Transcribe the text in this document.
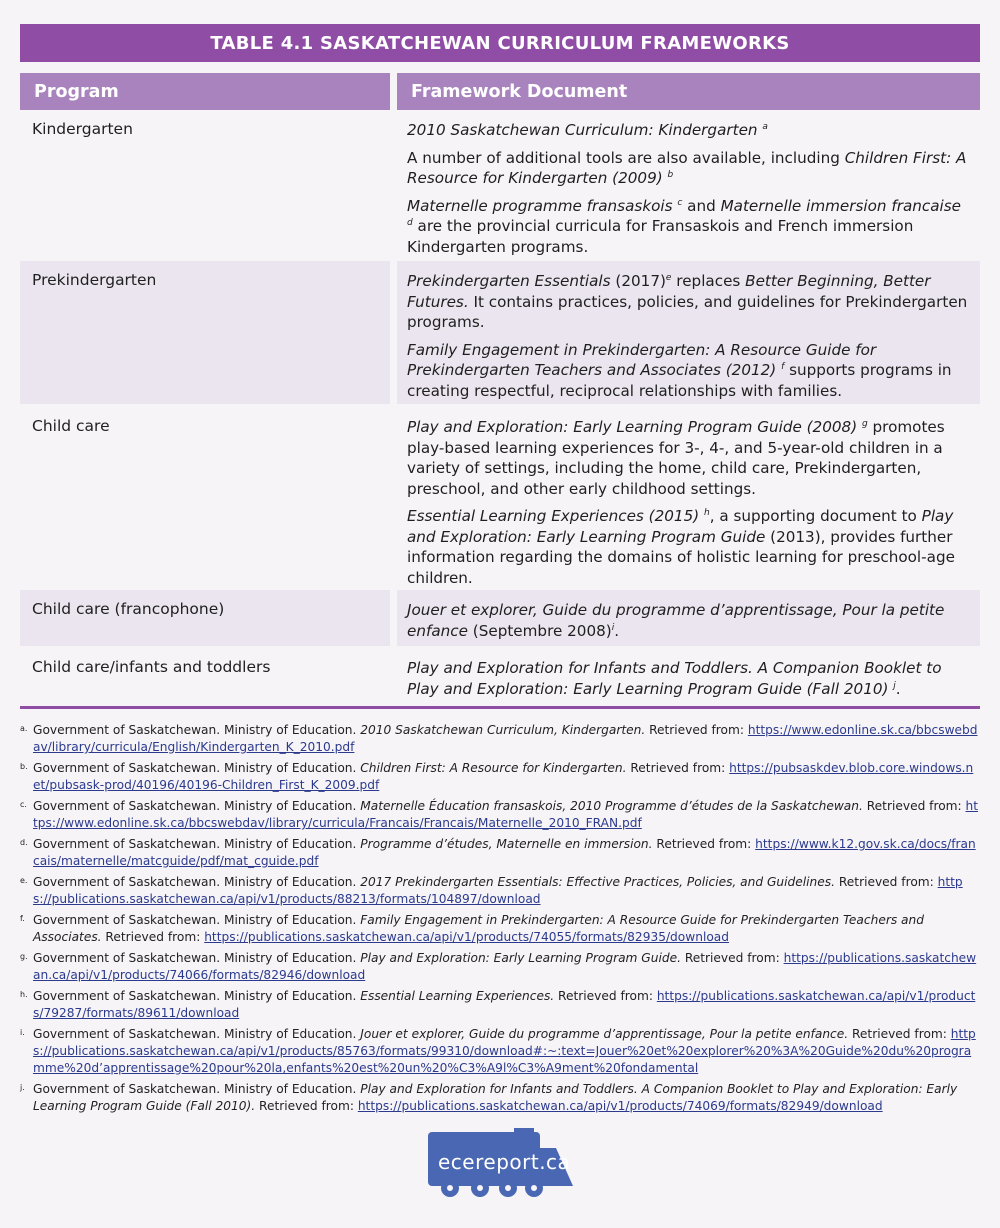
TABLE 4.1 SASKATCHEWAN CURRICULUM FRAMEWORKS
Program	Framework Document
Kindergarten	2010 Saskatchewan Curriculum: Kindergarten $^a$

A number of additional tools are also available, including Children First: A Resource for Kindergarten (2009) $^b$

Maternelle programme fransaskois $^c$ and Maternelle immersion francaise $^d$ are the provincial curricula for Fransaskois and French immersion Kindergarten programs.

Prekindergarten	Prekindergarten Essentials $(2017)^e$ replaces Better Beginning, Better Futures. It contains practices, policies, and guidelines for Prekindergarten programs.

Family Engagement in Prekindergarten: A Resource Guide for Prekindergarten Teachers and Associates (2012) $^f$ supports programs in creating respectful, reciprocal relationships with families.

Child care	Play and Exploration: Early Learning Program Guide (2008) $^g$ promotes play-based learning experiences for 3-, 4-, and 5-year-old children in a variety of settings, including the home, child care, Prekindergarten, preschool, and other early childhood settings.

Essential Learning Experiences (2015) $^h$, a supporting document to Play and Exploration: Early Learning Program Guide (2013), provides further information regarding the domains of holistic learning for preschool-age children.

Child care (francophone)	Jouer et explorer, Guide du programme d’apprentissage, Pour la petite enfance (Septembre 2008)$^i$.

Child care/infants and toddlers	Play and Exploration for Infants and Toddlers. A Companion Booklet to Play and Exploration: Early Learning Program Guide (Fall 2010) $^j$.

a. Government of Saskatchewan. Ministry of Education. 2010 Saskatchewan Curriculum, Kindergarten. Retrieved from: https://www.edonline.sk.ca/bbcswebdav/library/curricula/English/Kindergarten_K_2010.pdf
b. Government of Saskatchewan. Ministry of Education. Children First: A Resource for Kindergarten. Retrieved from: https://pubsaskdev.blob.core.windows.net/pubsask-prod/40196/40196-Children_First_K_2009.pdf
c. Government of Saskatchewan. Ministry of Education. Maternelle Éducation fransaskois, 2010 Programme d’études de la Saskatchewan. Retrieved from: https://www.edonline.sk.ca/bbcswebdav/library/curricula/Francais/Francais/Maternelle_2010_FRAN.pdf
d. Government of Saskatchewan. Ministry of Education. Programme d’études, Maternelle en immersion. Retrieved from: https://www.k12.gov.sk.ca/docs/francais/maternelle/matcguide/pdf/mat_cguide.pdf
e. Government of Saskatchewan. Ministry of Education. 2017 Prekindergarten Essentials: Effective Practices, Policies, and Guidelines. Retrieved from: https://publications.saskatchewan.ca/api/v1/products/88213/formats/104897/download
f. Government of Saskatchewan. Ministry of Education. Family Engagement in Prekindergarten: A Resource Guide for Prekindergarten Teachers and Associates. Retrieved from: https://publications.saskatchewan.ca/api/v1/products/74055/formats/82935/download
g. Government of Saskatchewan. Ministry of Education. Play and Exploration: Early Learning Program Guide. Retrieved from: https://publications.saskatchewan.ca/api/v1/products/74066/formats/82946/download
h. Government of Saskatchewan. Ministry of Education. Essential Learning Experiences. Retrieved from: https://publications.saskatchewan.ca/api/v1/products/79287/formats/89611/download
i. Government of Saskatchewan. Ministry of Education. Jouer et explorer, Guide du programme d’apprentissage, Pour la petite enfance. Retrieved from: https://publications.saskatchewan.ca/api/v1/products/85763/formats/99310/download#:~:text=Jouer%20et%20explorer%20%3A%20Guide%20du%20programme%20d’apprentissage%20pour%20la,enfants%20est%20un%20%C3%A9l%C3%A9ment%20fondamental
j. Government of Saskatchewan. Ministry of Education. Play and Exploration for Infants and Toddlers. A Companion Booklet to Play and Exploration: Early Learning Program Guide (Fall 2010). Retrieved from: https://publications.saskatchewan.ca/api/v1/products/74069/formats/82949/download
ecereport.ca
